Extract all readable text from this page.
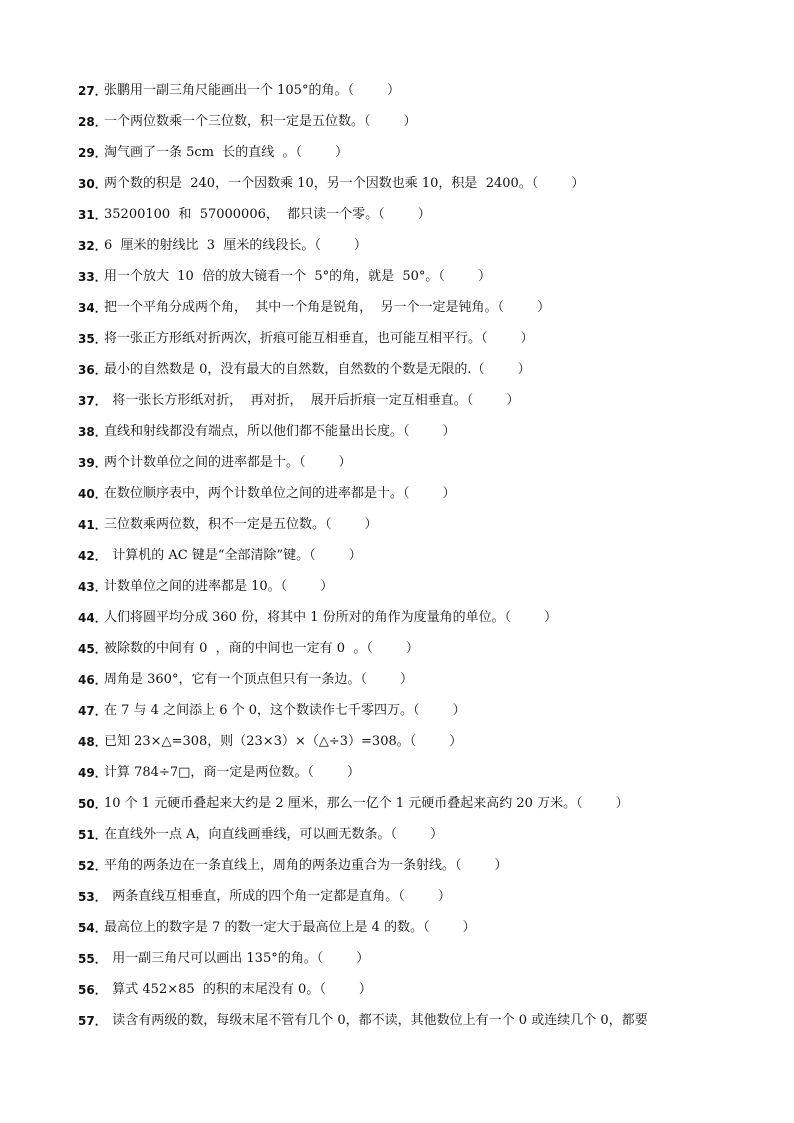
27．
张鹏用一副三角尺能画出一个 105°的角。（        ）
28．
一个两位数乘一个三位数，积一定是五位数。（        ）
29．
淘气画了一条 5cm  长的直线  。（        ）
30．
两个数的积是  240，一个因数乘 10，另一个因数也乘 10，积是  2400。（        ）
31．
35200100  和  57000006，  都只读一个零。（        ）
32．
6  厘米的射线比  3  厘米的线段长。（        ）
33．
用一个放大  10  倍的放大镜看一个  5°的角，就是  50°。（        ）
34．
把一个平角分成两个角，  其中一个角是锐角，  另一个一定是钝角。（        ）
35．
将一张正方形纸对折两次，折痕可能互相垂直，也可能互相平行。（        ）
36．
最小的自然数是 0，没有最大的自然数，自然数的个数是无限的.（        ）
37．
将一张长方形纸对折，  再对折，  展开后折痕一定互相垂直。（        ）
38．
直线和射线都没有端点，所以他们都不能量出长度。（        ）
39．
两个计数单位之间的进率都是十。（        ）
40．
在数位顺序表中，两个计数单位之间的进率都是十。（        ）
41．
三位数乘两位数，积不一定是五位数。（        ）
42．
计算机的 AC 键是“全部清除”键。（        ）
43．
计数单位之间的进率都是 10。（        ）
44．
人们将圆平均分成 360 份，将其中 1 份所对的角作为度量角的单位。（        ）
45．
被除数的中间有 0  ，商的中间也一定有 0  。（        ）
46．
周角是 360°，它有一个顶点但只有一条边。（        ）
47．
在 7 与 4 之间添上 6 个 0，这个数读作七千零四万。（        ）
48．
已知 23×△=308，则（23×3）×（△÷3）=308。（        ）
49．
计算 784÷7□，商一定是两位数。（        ）
50．
10 个 1 元硬币叠起来大约是 2 厘米，那么一亿个 1 元硬币叠起来高约 20 万米。（        ）
51．
在直线外一点 A，向直线画垂线，可以画无数条。（        ）
52．
平角的两条边在一条直线上，周角的两条边重合为一条射线。（        ）
53．
两条直线互相垂直，所成的四个角一定都是直角。（        ）
54．
最高位上的数字是 7 的数一定大于最高位上是 4 的数。（        ）
55．
用一副三角尺可以画出 135°的角。（        ）
56．
算式 452×85  的积的末尾没有 0。（        ）
57．
读含有两级的数，每级末尾不管有几个 0，都不读，其他数位上有一个 0 或连续几个 0，都要
